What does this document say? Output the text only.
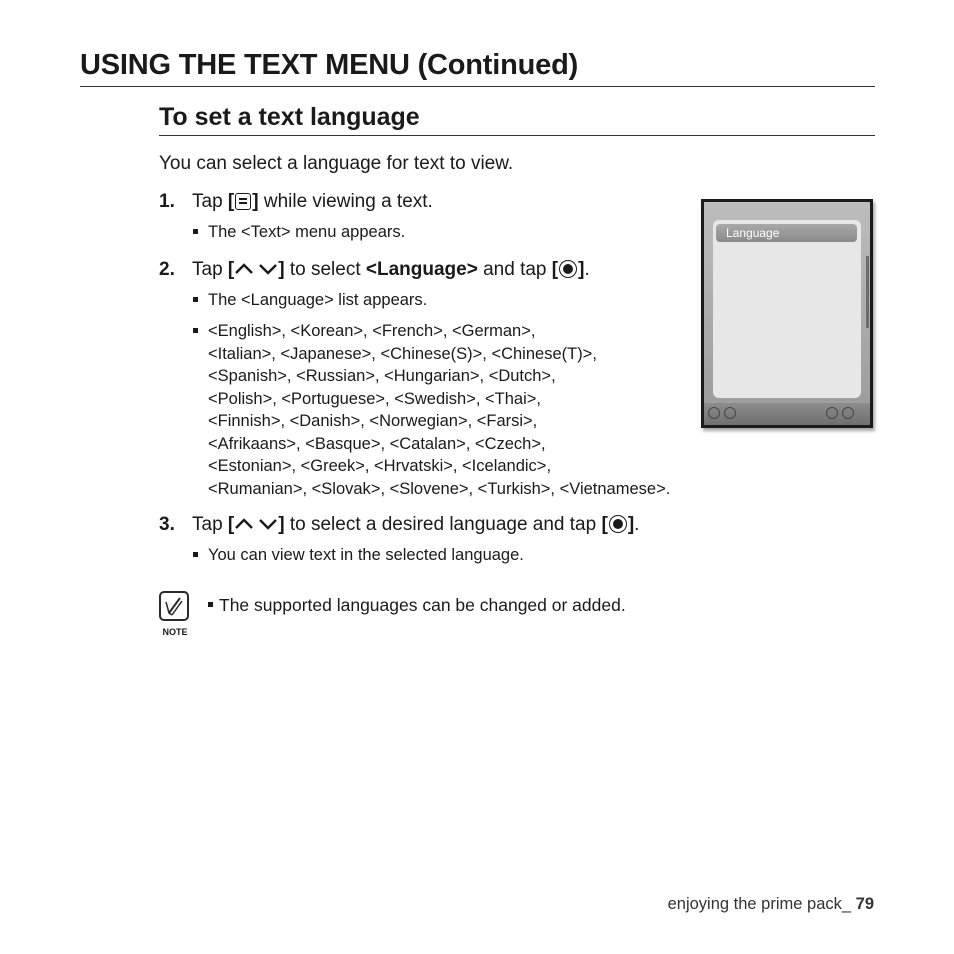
USING THE TEXT MENU (Continued)
To set a text language
You can select a language for text to view.
1. Tap [ ] while viewing a text.
The <Text> menu appears.
2. Tap [ ] to select <Language> and tap [ ].
The <Language> list appears.
<English>, <Korean>, <French>, <German>,
<Italian>, <Japanese>, <Chinese(S)>, <Chinese(T)>,
<Spanish>, <Russian>, <Hungarian>, <Dutch>,
<Polish>, <Portuguese>, <Swedish>, <Thai>,
<Finnish>, <Danish>, <Norwegian>, <Farsi>,
<Afrikaans>, <Basque>, <Catalan>, <Czech>,
<Estonian>, <Greek>, <Hrvatski>, <Icelandic>,
<Rumanian>, <Slovak>, <Slovene>, <Turkish>, <Vietnamese>.
3. Tap [ ] to select a desired language and tap [ ].
You can view text in the selected language.
Language
NOTE
The supported languages can be changed or added.
enjoying the prime pack_ 79
